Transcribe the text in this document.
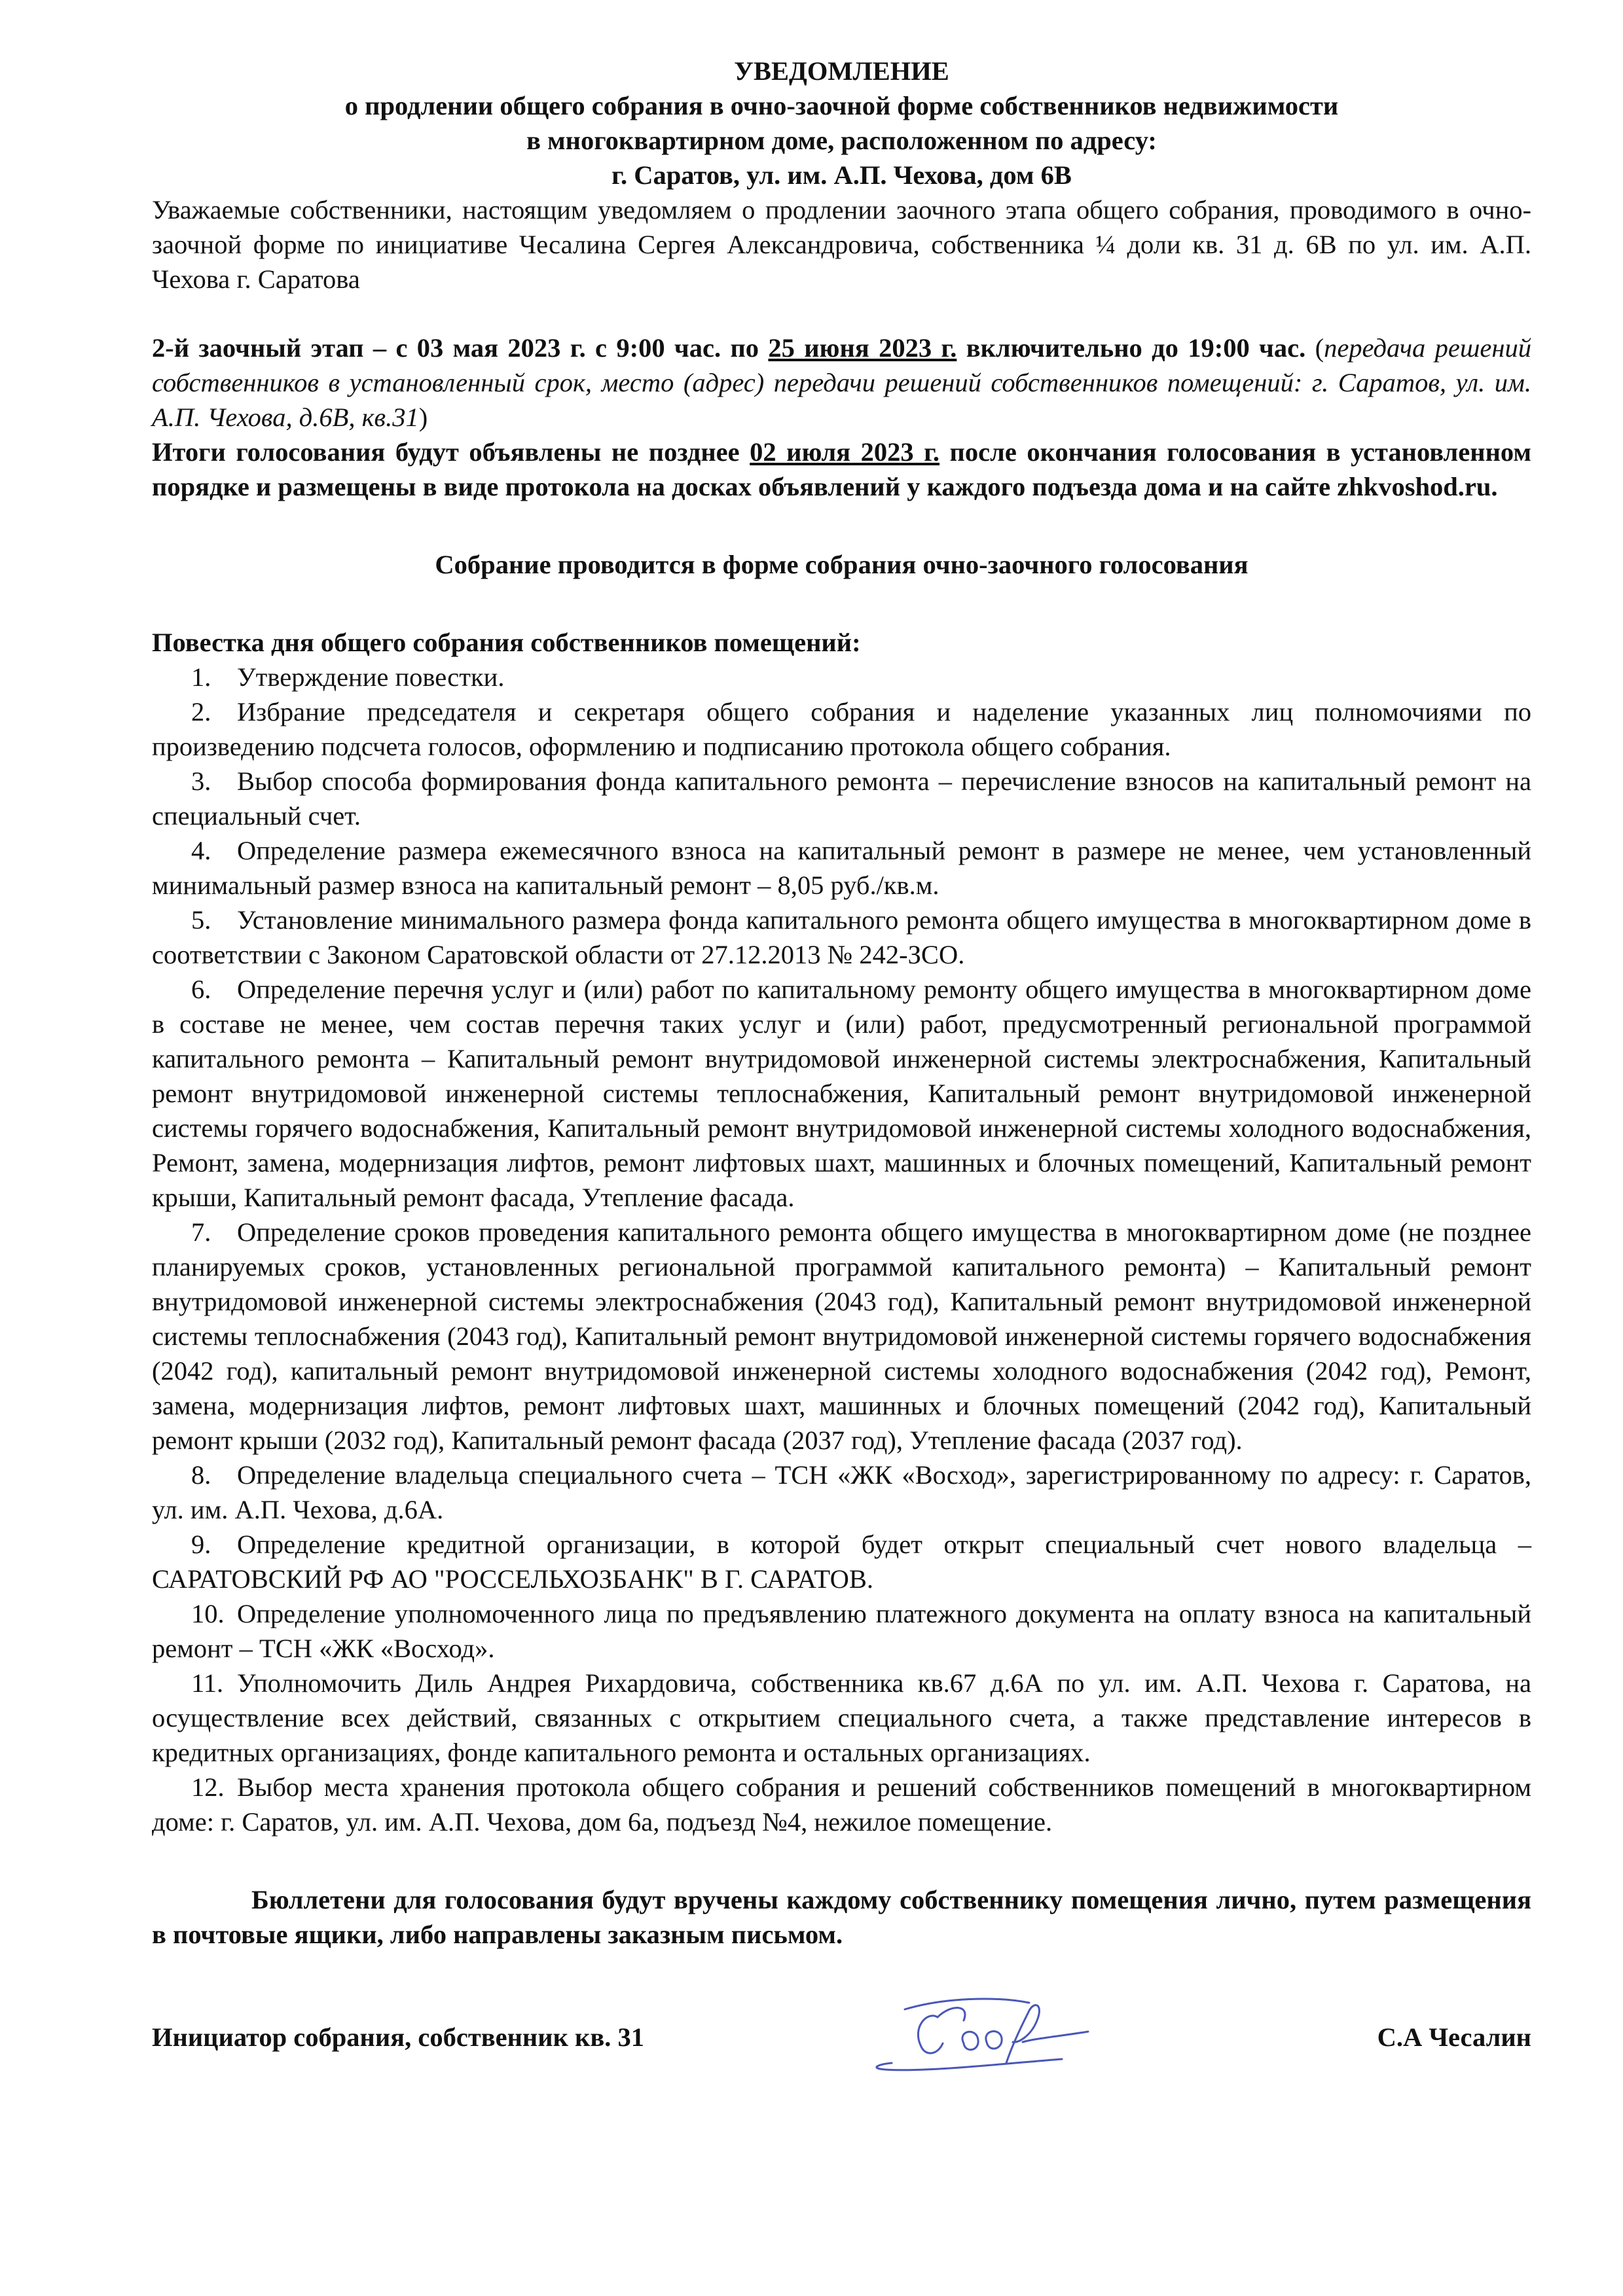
УВЕДОМЛЕНИЕ
о продлении общего собрания в очно-заочной форме собственников недвижимости
в многоквартирном доме, расположенном по адресу:
г. Саратов, ул. им. А.П. Чехова, дом 6В

Уважаемые собственники, настоящим уведомляем о продлении заочного этапа общего собрания, проводимого в очно-заочной форме по инициативе Чесалина Сергея Александровича, собственника ¼ доли кв. 31 д. 6В по ул. им. А.П. Чехова г. Саратова

2-й заочный этап – с 03 мая 2023 г. с 9:00 час. по 25 июня 2023 г. включительно до 19:00 час. (передача решений собственников в установленный срок, место (адрес) передачи решений собственников помещений: г. Саратов, ул. им. А.П. Чехова, д.6В, кв.31)

Итоги голосования будут объявлены не позднее 02 июля 2023 г. после окончания голосования в установленном порядке и размещены в виде протокола на досках объявлений у каждого подъезда дома и на сайте zhkvoshod.ru.

Собрание проводится в форме собрания очно-заочного голосования
Повестка дня общего собрания собственников помещений:

1. Утверждение повестки.

2. Избрание председателя и секретаря общего собрания и наделение указанных лиц полномочиями по произведению подсчета голосов, оформлению и подписанию протокола общего собрания.

3. Выбор способа формирования фонда капитального ремонта – перечисление взносов на капитальный ремонт на специальный счет.

4. Определение размера ежемесячного взноса на капитальный ремонт в размере не менее, чем установленный минимальный размер взноса на капитальный ремонт – 8,05 руб./кв.м.

5. Установление минимального размера фонда капитального ремонта общего имущества в многоквартирном доме в соответствии с Законом Саратовской области от 27.12.2013 № 242-ЗСО.

6. Определение перечня услуг и (или) работ по капитальному ремонту общего имущества в многоквартирном доме в составе не менее, чем состав перечня таких услуг и (или) работ, предусмотренный региональной программой капитального ремонта – Капитальный ремонт внутридомовой инженерной системы электроснабжения, Капитальный ремонт внутридомовой инженерной системы теплоснабжения, Капитальный ремонт внутридомовой инженерной системы горячего водоснабжения, Капитальный ремонт внутридомовой инженерной системы холодного водоснабжения, Ремонт, замена, модернизация лифтов, ремонт лифтовых шахт, машинных и блочных помещений, Капитальный ремонт крыши, Капитальный ремонт фасада, Утепление фасада.

7. Определение сроков проведения капитального ремонта общего имущества в многоквартирном доме (не позднее планируемых сроков, установленных региональной программой капитального ремонта) – Капитальный ремонт внутридомовой инженерной системы электроснабжения (2043 год), Капитальный ремонт внутридомовой инженерной системы теплоснабжения (2043 год), Капитальный ремонт внутридомовой инженерной системы горячего водоснабжения (2042 год), капитальный ремонт внутридомовой инженерной системы холодного водоснабжения (2042 год), Ремонт, замена, модернизация лифтов, ремонт лифтовых шахт, машинных и блочных помещений (2042 год), Капитальный ремонт крыши (2032 год), Капитальный ремонт фасада (2037 год), Утепление фасада (2037 год).

8. Определение владельца специального счета – ТСН «ЖК «Восход», зарегистрированному по адресу: г. Саратов, ул. им. А.П. Чехова, д.6А.

9. Определение кредитной организации, в которой будет открыт специальный счет нового владельца – САРАТОВСКИЙ РФ АО "РОССЕЛЬХОЗБАНК" В Г. САРАТОВ.

10. Определение уполномоченного лица по предъявлению платежного документа на оплату взноса на капитальный ремонт – ТСН «ЖК «Восход».

11. Уполномочить Диль Андрея Рихардовича, собственника кв.67 д.6А по ул. им. А.П. Чехова г. Саратова, на осуществление всех действий, связанных с открытием специального счета, а также представление интересов в кредитных организациях, фонде капитального ремонта и остальных организациях.

12. Выбор места хранения протокола общего собрания и решений собственников помещений в многоквартирном доме: г. Саратов, ул. им. А.П. Чехова, дом 6а, подъезд №4, нежилое помещение.

Бюллетени для голосования будут вручены каждому собственнику помещения лично, путем размещения в почтовые ящики, либо направлены заказным письмом.

Инициатор собрания, собственник кв. 31	С.А Чесалин
